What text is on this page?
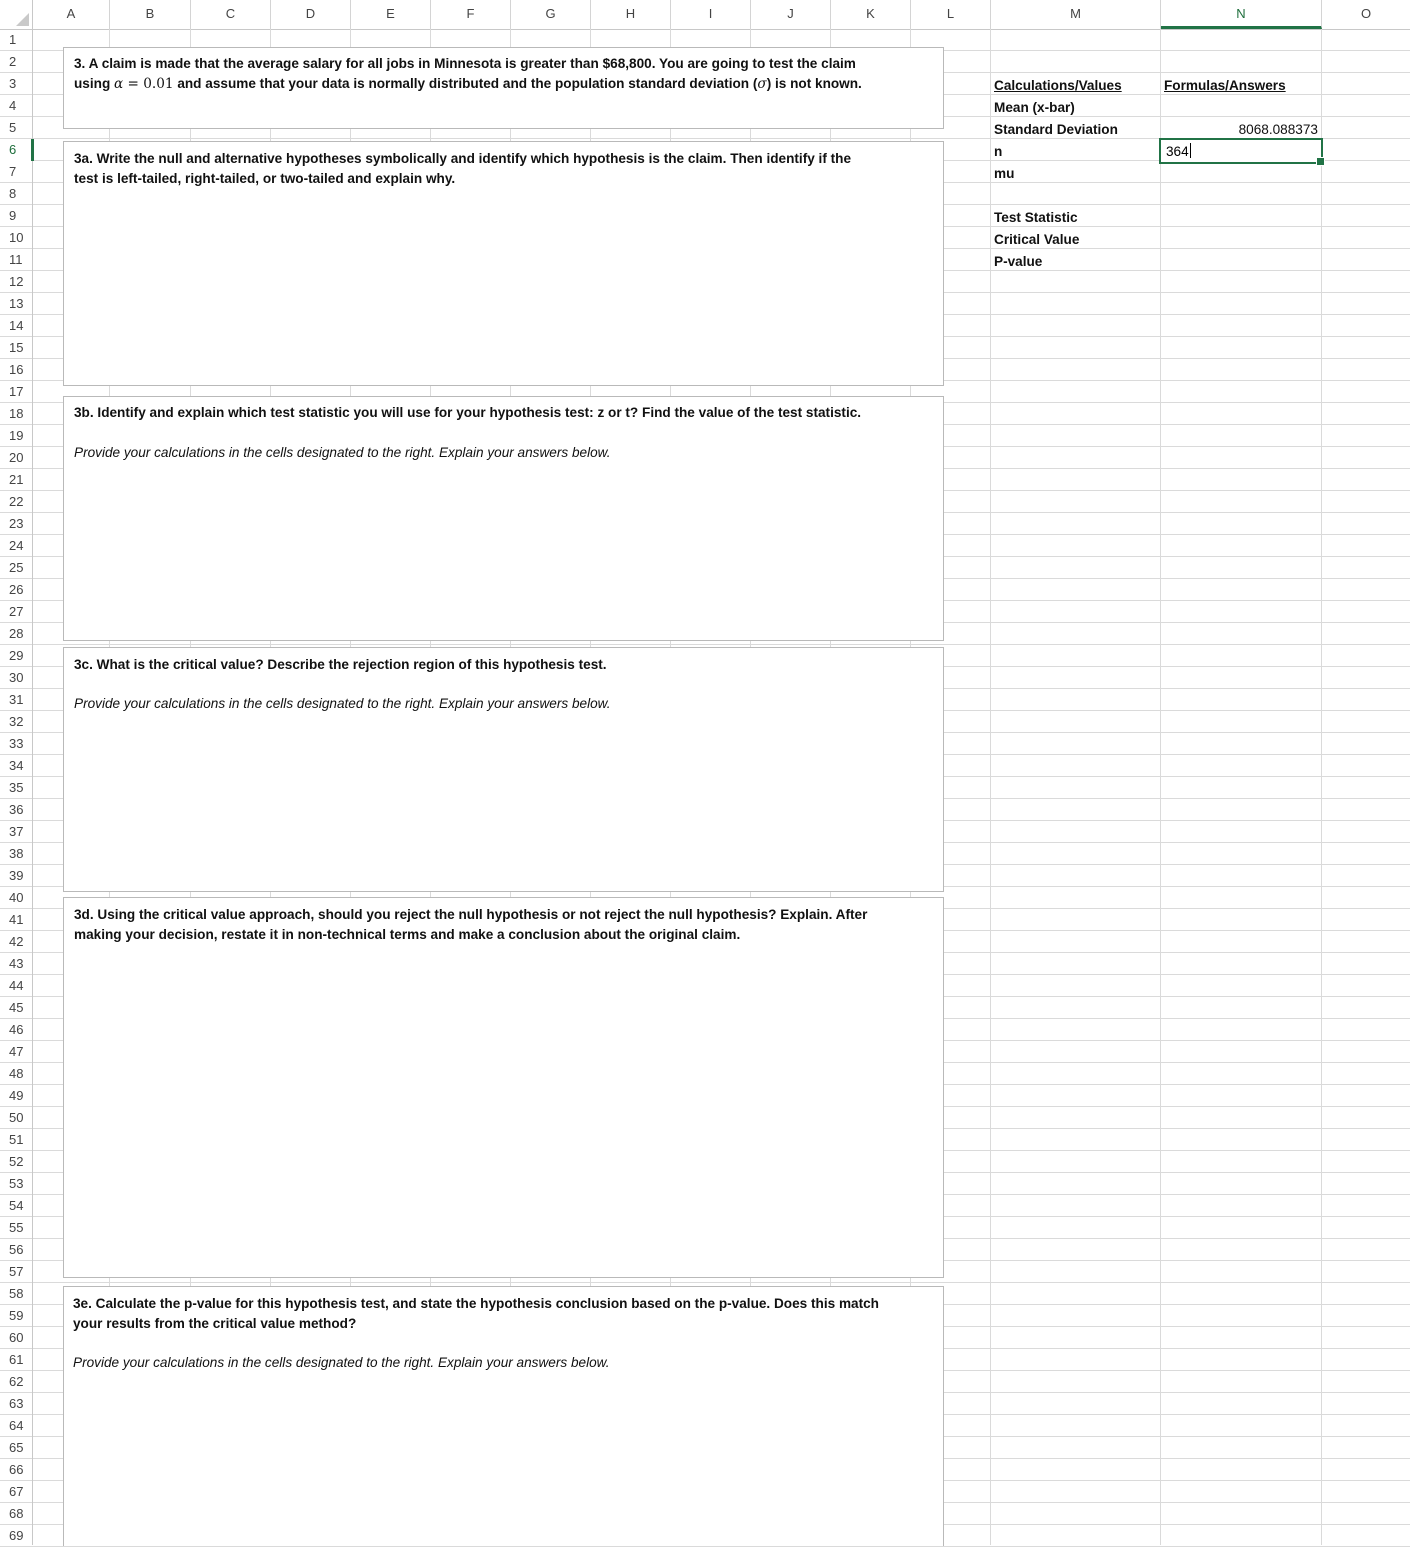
A	B	C	D	E	F	G	H	I	J	K	L	M	N	O
1
2
3
4
5
6
7
8
9
10
11
12
13
14
15
16
17
18
19
20
21
22
23
24
25
26
27
28
29
30
31
32
33
34
35
36
37
38
39
40
41
42
43
44
45
46
47
48
49
50
51
52
53
54
55
56
57
58
59
60
61
62
63
64
65
66
67
68
69
3. A claim is made that the average salary for all jobs in Minnesota is greater than $68,800. You are going to test the claim
using α = 0.01 and assume that your data is normally distributed and the population standard deviation (σ) is not known.
3a. Write the null and alternative hypotheses symbolically and identify which hypothesis is the claim. Then identify if the
test is left-tailed, right-tailed, or two-tailed and explain why.
3b. Identify and explain which test statistic you will use for your hypothesis test: z or t? Find the value of the test statistic.
Provide your calculations in the cells designated to the right. Explain your answers below.
3c. What is the critical value? Describe the rejection region of this hypothesis test.
Provide your calculations in the cells designated to the right. Explain your answers below.
3d. Using the critical value approach, should you reject the null hypothesis or not reject the null hypothesis? Explain. After
making your decision, restate it in non-technical terms and make a conclusion about the original claim.
3e. Calculate the p-value for this hypothesis test, and state the hypothesis conclusion based on the p-value. Does this match
your results from the critical value method?
Provide your calculations in the cells designated to the right. Explain your answers below.
Calculations/Values	Formulas/Answers
Mean (x-bar)
Standard Deviation	8068.088373
n	364
mu
Test Statistic
Critical Value
P-value
